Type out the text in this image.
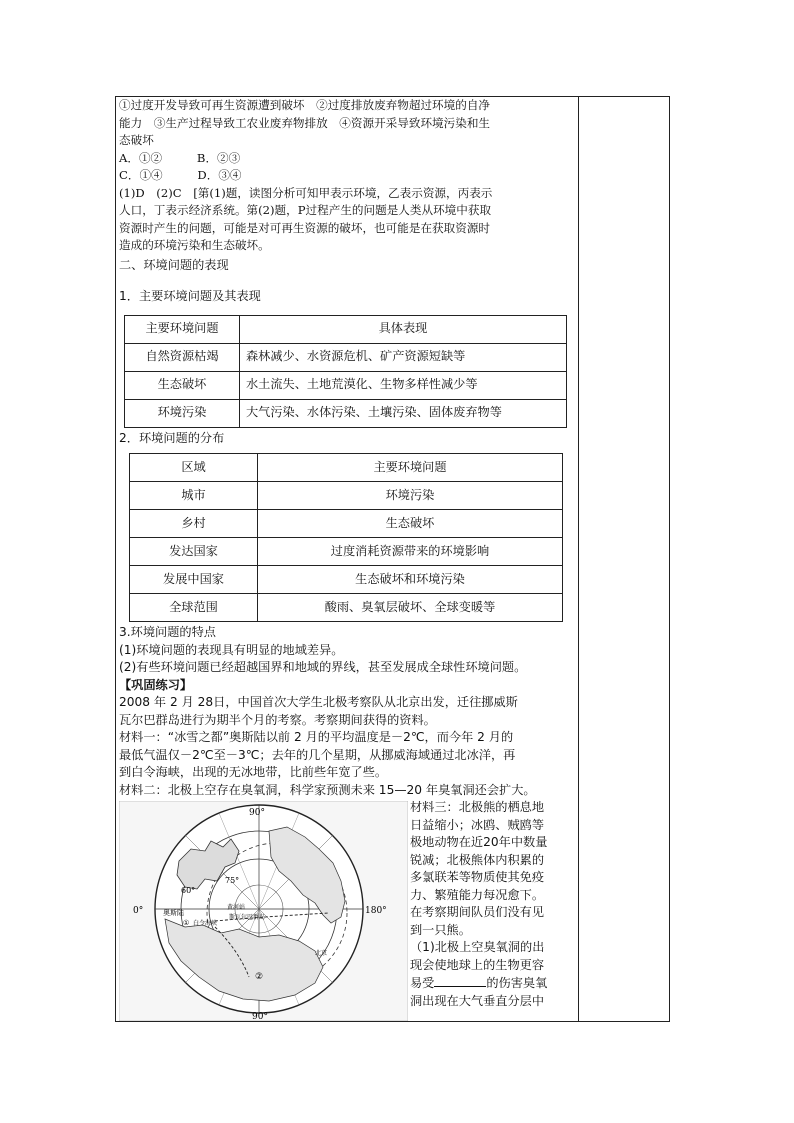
①过度开发导致可再生资源遭到破坏　②过度排放废弃物超过环境的自净

能力　③生产过程导致工农业废弃物排放　④资源开采导致环境污染和生

态破坏

A．①②　　　B．②③

C．①④　　　D．③④

(1)D　(2)C　[第(1)题，读图分析可知甲表示环境，乙表示资源，丙表示

人口，丁表示经济系统。第(2)题，P过程产生的问题是人类从环境中获取

资源时产生的问题，可能是对可再生资源的破坏，也可能是在获取资源时

造成的环境污染和生态破坏。

二、环境问题的表现

1．主要环境问题及其表现

主要环境问题	具体表现
自然资源枯竭	森林减少、水资源危机、矿产资源短缺等
生态破坏	水土流失、土地荒漠化、生物多样性减少等
环境污染	大气污染、水体污染、土壤污染、固体废弃物等

2．环境问题的分布

区域	主要环境问题
城市	环境污染
乡村	生态破坏
发达国家	过度消耗资源带来的环境影响
发展中国家	生态破坏和环境污染
全球范围	酸雨、臭氧层破坏、全球变暖等

3.环境问题的特点

(1)环境问题的表现具有明显的地域差异。

(2)有些环境问题已经超越国界和地域的界线，甚至发展成全球性环境问题。

【巩固练习】

2008 年 2 月 28日，中国首次大学生北极考察队从北京出发，迁往挪威斯

瓦尔巴群岛进行为期半个月的考察。考察期间获得的资料。

材料一：“冰雪之都”奥斯陆以前 2 月的平均温度是－2℃，而今年 2 月的

最低气温仅－2℃至－3℃；去年的几个星期，从挪威海域通过北冰洋，再

到白令海峡，出现的无冰地带，比前些年宽了些。

材料二：北极上空存在臭氧洞，科学家预测未来 15—20 年臭氧洞还会扩大。

90°
90°
0°	180°
60°
75°
奥斯陆
① 白令海峡
黄河站
斯瓦尔巴群岛
②
北京

材料三：北极熊的栖息地

日益缩小；冰鸥、贼鸥等

极地动物在近20年中数量

锐减；北极熊体内积累的

多氯联苯等物质使其免疫

力、繁殖能力每况愈下。

在考察期间队员们没有见

到一只熊。

（1)北极上空臭氧洞的出

现会使地球上的生物更容

易受	的伤害臭氧

洞出现在大气垂直分层中
